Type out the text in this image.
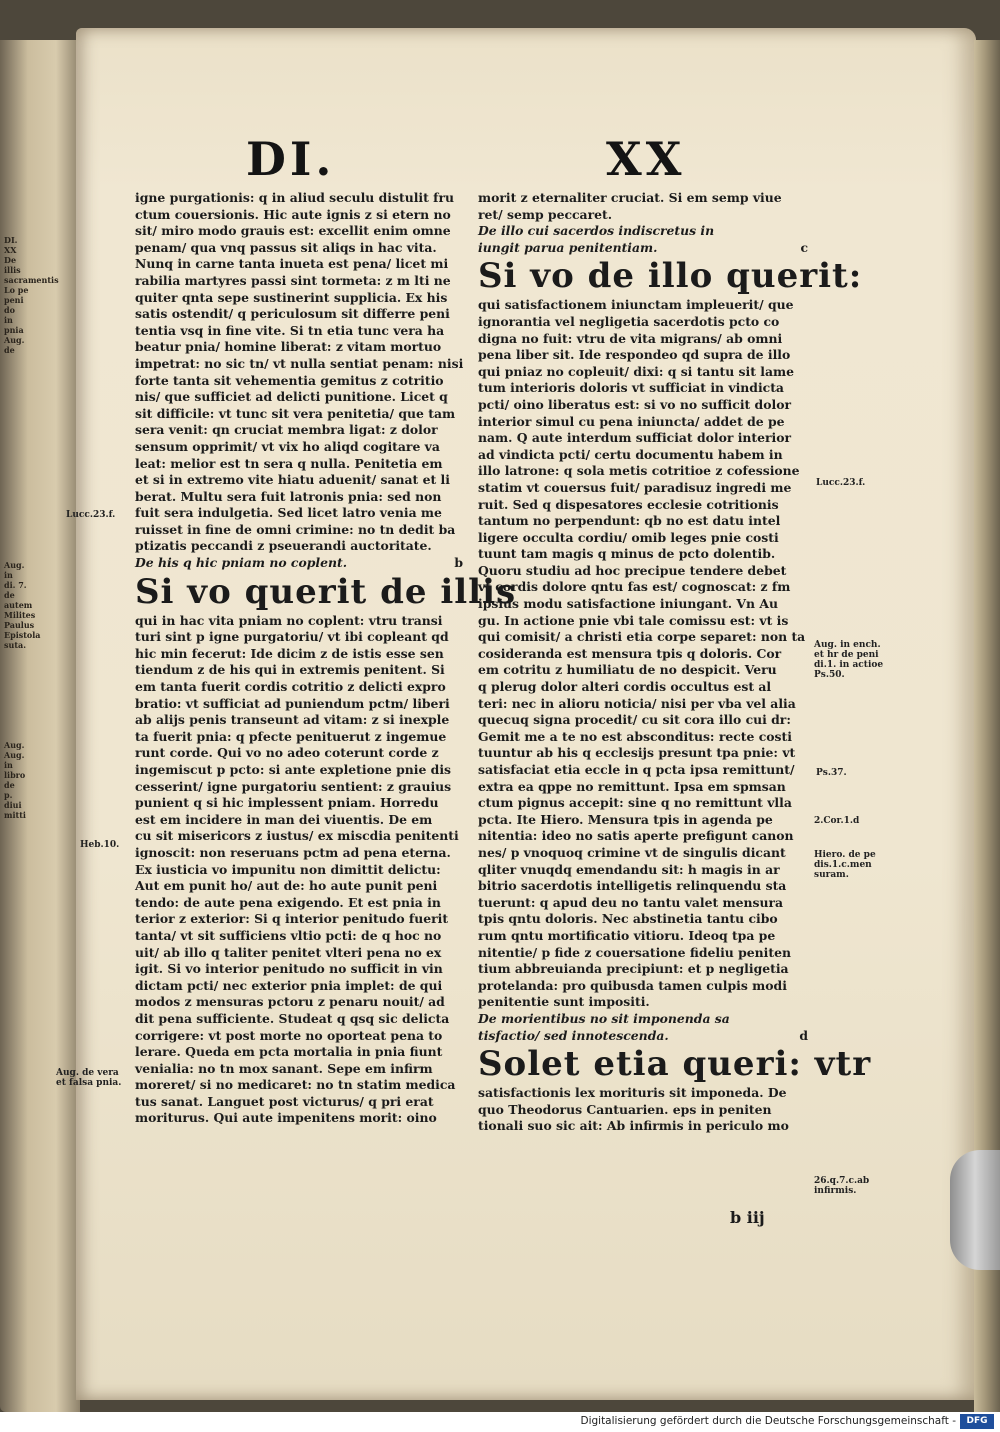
DI. XX
De illis
sacramentis
Lo pe
peni do
in pnia
Aug. de
Aug. in
di. 7. de
autem
Milites
Paulus
Epistola
suta.
Aug.
Aug. in
libro de
p. diui
mitti
DI.	XX
igne purgationis: q in aliud seculu distulit fru
ctum couersionis. Hic aute ignis z si etern no
sit/ miro modo grauis est: excellit enim omne
penam/ qua vnq passus sit aliqs in hac vita.
Nunq in carne tanta inueta est pena/ licet mi
rabilia martyres passi sint tormeta: z m lti ne
quiter qnta sepe sustinerint supplicia. Ex his
satis ostendit/ q periculosum sit differre peni
tentia vsq in fine vite. Si tn etia tunc vera ha
beatur pnia/ homine liberat: z vitam mortuo
impetrat: no sic tn/ vt nulla sentiat penam: nisi
forte tanta sit vehementia gemitus z cotritio
nis/ que sufficiet ad delicti punitione. Licet q
sit difficile: vt tunc sit vera penitetia/ que tam
sera venit: qn cruciat membra ligat: z dolor
sensum opprimit/ vt vix ho aliqd cogitare va
leat: melior est tn sera q nulla. Penitetia em
et si in extremo vite hiatu aduenit/ sanat et li
berat. Multu sera fuit latronis pnia: sed non
fuit sera indulgetia. Sed licet latro venia me
ruisset in fine de omni crimine: no tn dedit ba
ptizatis peccandi z pseuerandi auctoritate.
De his q hic pniam no coplent.	b
Si vo querit de illis
qui in hac vita pniam no coplent: vtru transi
turi sint p igne purgatoriu/ vt ibi copleant qd
hic min fecerut: Ide dicim z de istis esse sen
tiendum z de his qui in extremis penitent. Si
em tanta fuerit cordis cotritio z delicti expro
bratio: vt sufficiat ad puniendum pctm/ liberi
ab alijs penis transeunt ad vitam: z si inexple
ta fuerit pnia: q pfecte penituerut z ingemue
runt corde. Qui vo no adeo coterunt corde z
ingemiscut p pcto: si ante expletione pnie dis
cesserint/ igne purgatoriu sentient: z grauius
punient q si hic implessent pniam. Horredu
est em incidere in man dei viuentis. De em
cu sit misericors z iustus/ ex miscdia penitenti
ignoscit: non reseruans pctm ad pena eterna.
Ex iusticia vo impunitu non dimittit delictu:
Aut em punit ho/ aut de: ho aute punit peni
tendo: de aute pena exigendo. Et est pnia in
terior z exterior: Si q interior penitudo fuerit
tanta/ vt sit sufficiens vltio pcti: de q hoc no
uit/ ab illo q taliter penitet vlteri pena no ex
igit. Si vo interior penitudo no sufficit in vin
dictam pcti/ nec exterior pnia implet: de qui
modos z mensuras pctoru z penaru nouit/ ad
dit pena sufficiente. Studeat q qsq sic delicta
corrigere: vt post morte no oporteat pena to
lerare. Queda em pcta mortalia in pnia fiunt
venialia: no tn mox sanant. Sepe em infirm
moreret/ si no medicaret: no tn statim medica
tus sanat. Languet post victurus/ q pri erat
moriturus. Qui aute impenitens morit: oino
morit z eternaliter cruciat. Si em semp viue
ret/ semp peccaret.
De illo cui sacerdos indiscretus in
iungit parua penitentiam.	c
Si vo de illo querit:
qui satisfactionem iniunctam impleuerit/ que
ignorantia vel negligetia sacerdotis pcto co
digna no fuit: vtru de vita migrans/ ab omni
pena liber sit. Ide respondeo qd supra de illo
qui pniaz no copleuit/ dixi: q si tantu sit lame
tum interioris doloris vt sufficiat in vindicta
pcti/ oino liberatus est: si vo no sufficit dolor
interior simul cu pena iniuncta/ addet de pe
nam. Q aute interdum sufficiat dolor interior
ad vindicta pcti/ certu documentu habem in
illo latrone: q sola metis cotritioe z cofessione
statim vt couersus fuit/ paradisuz ingredi me
ruit. Sed q dispesatores ecclesie cotritionis
tantum no perpendunt: qb no est datu intel
ligere occulta cordiu/ omib leges pnie costi
tuunt tam magis q minus de pcto dolentib.
Quoru studiu ad hoc precipue tendere debet
vt cordis dolore qntu fas est/ cognoscat: z fm
ipsius modu satisfactione iniungant. Vn Au
gu. In actione pnie vbi tale comissu est: vt is
qui comisit/ a christi etia corpe separet: non ta
cosideranda est mensura tpis q doloris. Cor
em cotritu z humiliatu de no despicit. Veru
q plerug dolor alteri cordis occultus est al
teri: nec in alioru noticia/ nisi per vba vel alia
quecuq signa procedit/ cu sit cora illo cui dr:
Gemit me a te no est absconditus: recte costi
tuuntur ab his q ecclesijs presunt tpa pnie: vt
satisfaciat etia eccle in q pcta ipsa remittunt/
extra ea qppe no remittunt. Ipsa em spmsan
ctum pignus accepit: sine q no remittunt vlla
pcta. Ite Hiero. Mensura tpis in agenda pe
nitentia: ideo no satis aperte prefigunt canon
nes/ p vnoquoq crimine vt de singulis dicant
qliter vnuqdq emendandu sit: h magis in ar
bitrio sacerdotis intelligetis relinquendu sta
tuerunt: q apud deu no tantu valet mensura
tpis qntu doloris. Nec abstinetia tantu cibo
rum qntu mortificatio vitioru. Ideoq tpa pe
nitentie/ p fide z couersatione fideliu peniten
tium abbreuianda precipiunt: et p negligetia
protelanda: pro quibusda tamen culpis modi
penitentie sunt impositi.
De morientibus no sit imponenda sa
tisfactio/ sed innotescenda.	d
Solet etia queri: vtr
satisfactionis lex morituris sit imponeda. De
quo Theodorus Cantuarien. eps in peniten
tionali suo sic ait: Ab infirmis in periculo mo
Lucc.23.f.
Heb.10.
Aug. de vera
et falsa pnia.
Lucc.23.f.
Aug. in ench.
et hr de peni
di.1. in actioe
Ps.50.
Ps.37.
2.Cor.1.d
Hiero. de pe
dis.1.c.men
suram.
26.q.7.c.ab
infirmis.
b iij
Digitalisierung gefördert durch die Deutsche Forschungsgemeinschaft -	DFG
